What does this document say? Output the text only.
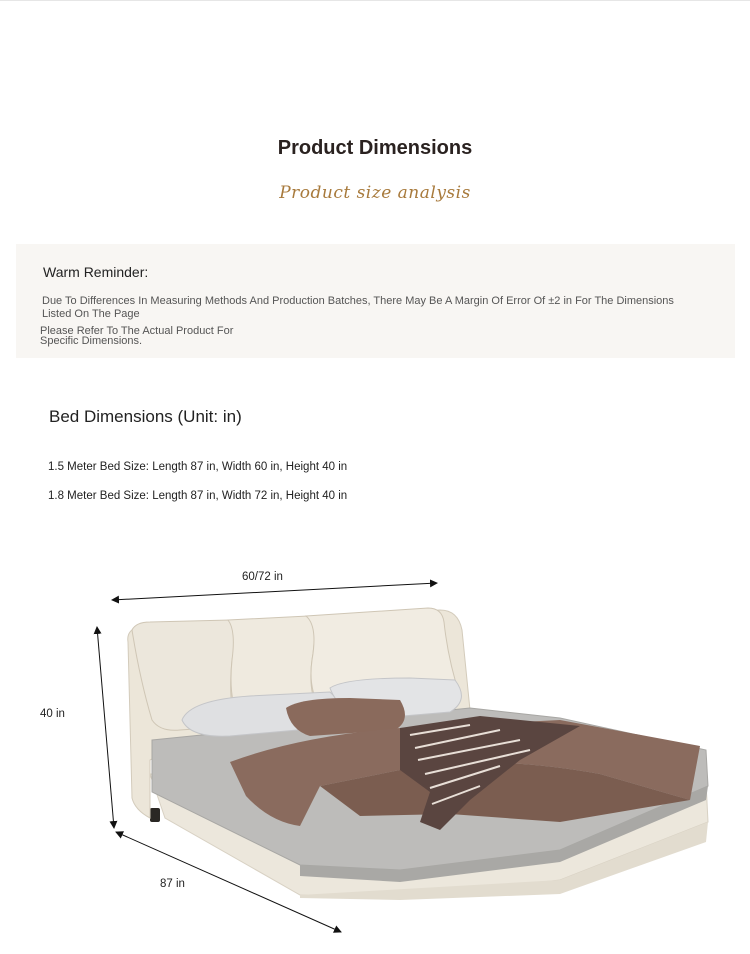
Product Dimensions
Product size analysis
Warm Reminder:
Due To Differences In Measuring Methods And Production Batches, There May Be A Margin Of Error Of ±2 in For The Dimensions Listed On The Page
Please Refer To The Actual Product For Specific Dimensions.
Bed Dimensions (Unit: in)
1.5 Meter Bed Size: Length 87 in, Width 60 in, Height 40 in
1.8 Meter Bed Size: Length 87 in, Width 72 in, Height 40 in
60/72 in
40 in
87 in
